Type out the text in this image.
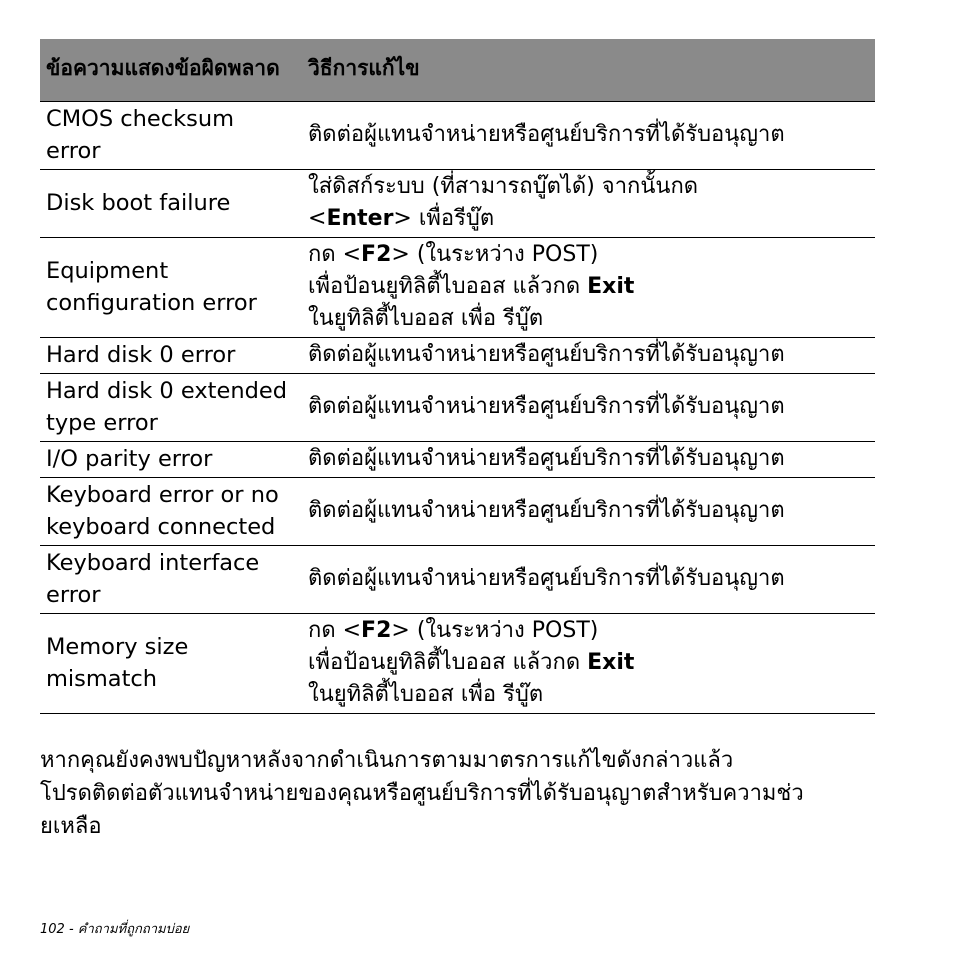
ข้อความแสดงข้อผิดพลาด	วิธีการแก้ไข

CMOS checksum
error	ติดต่อผู้แทนจำหน่ายหรือศูนย์บริการที่ได้รับอนุญาต

Disk boot failure	ใส่ดิสก์ระบบ (ที่สามารถบู๊ตได้) จากนั้นกด
<Enter> เพื่อรีบู๊ต

Equipment
configuration error	กด <F2> (ในระหว่าง POST)
เพื่อป้อนยูทิลิตี้ไบออส แล้วกด Exit
ในยูทิลิตี้ไบออส เพื่อ รีบู๊ต

Hard disk 0 error	ติดต่อผู้แทนจำหน่ายหรือศูนย์บริการที่ได้รับอนุญาต

Hard disk 0 extended
type error	ติดต่อผู้แทนจำหน่ายหรือศูนย์บริการที่ได้รับอนุญาต

I/O parity error	ติดต่อผู้แทนจำหน่ายหรือศูนย์บริการที่ได้รับอนุญาต

Keyboard error or no
keyboard connected	ติดต่อผู้แทนจำหน่ายหรือศูนย์บริการที่ได้รับอนุญาต

Keyboard interface
error	ติดต่อผู้แทนจำหน่ายหรือศูนย์บริการที่ได้รับอนุญาต

Memory size
mismatch	กด <F2> (ในระหว่าง POST)
เพื่อป้อนยูทิลิตี้ไบออส แล้วกด Exit
ในยูทิลิตี้ไบออส เพื่อ รีบู๊ต
หากคุณยังคงพบปัญหาหลังจากดำเนินการตามมาตรการแก้ไขดังกล่าวแล้ว
โปรดติดต่อตัวแทนจำหน่ายของคุณหรือศูนย์บริการที่ได้รับอนุญาตสำหรับความช่ว
ยเหลือ
102 - คำถามที่ถูกถามบ่อย
